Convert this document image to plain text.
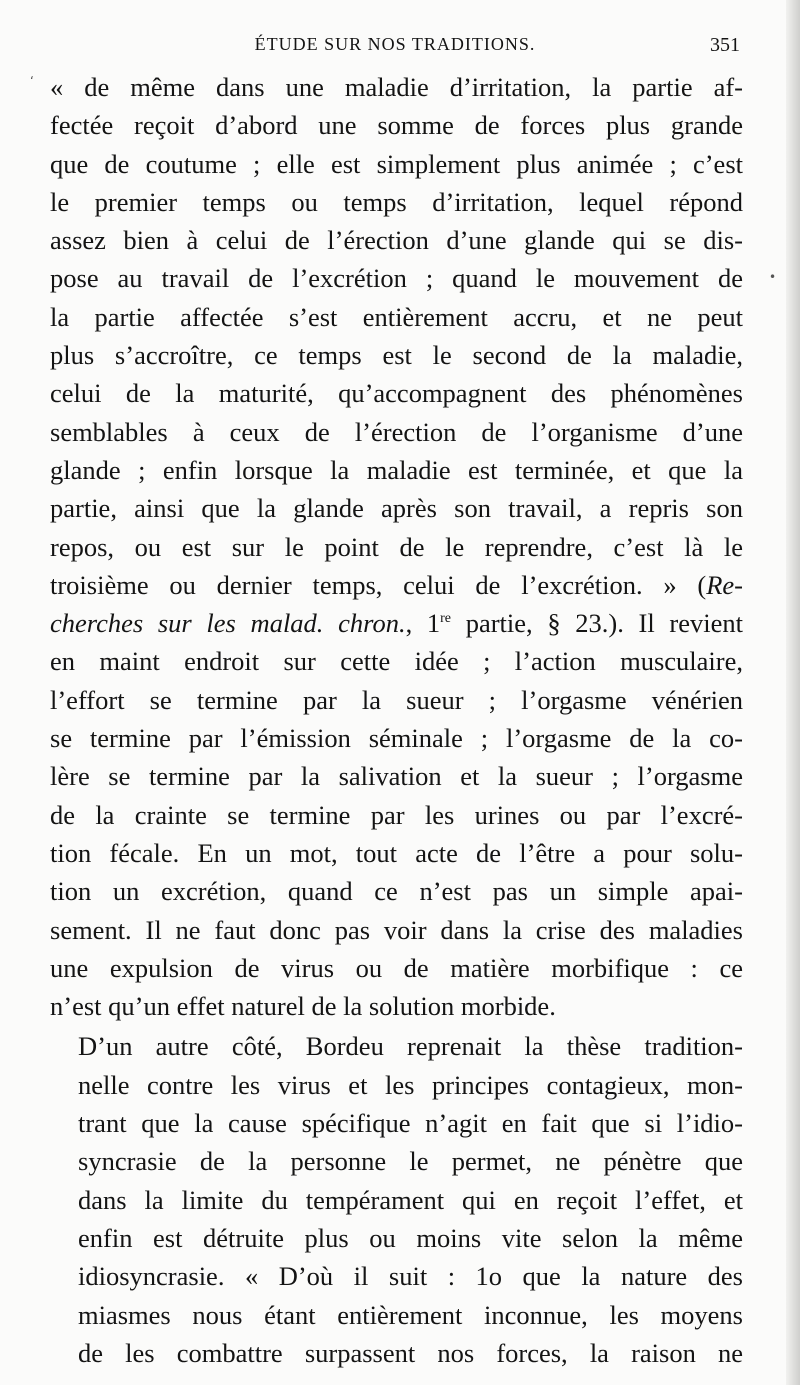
ÉTUDE SUR NOS TRADITIONS.	351

« de même dans une maladie d’irritation, la partie af-
fectée reçoit d’abord une somme de forces plus grande
que de coutume ; elle est simplement plus animée ; c’est
le premier temps ou temps d’irritation, lequel répond
assez bien à celui de l’érection d’une glande qui se dis-
pose au travail de l’excrétion ; quand le mouvement de
la partie affectée s’est entièrement accru, et ne peut
plus s’accroître, ce temps est le second de la maladie,
celui de la maturité, qu’accompagnent des phénomènes
semblables à ceux de l’érection de l’organisme d’une
glande ; enfin lorsque la maladie est terminée, et que la
partie, ainsi que la glande après son travail, a repris son
repos, ou est sur le point de le reprendre, c’est là le
troisième ou dernier temps, celui de l’excrétion. » (Re-
cherches sur les malad. chron., 1re partie, § 23.). Il revient
en maint endroit sur cette idée ; l’action musculaire,
l’effort se termine par la sueur ; l’orgasme vénérien
se termine par l’émission séminale ; l’orgasme de la co-
lère se termine par la salivation et la sueur ; l’orgasme
de la crainte se termine par les urines ou par l’excré-
tion fécale. En un mot, tout acte de l’être a pour solu-
tion un excrétion, quand ce n’est pas un simple apai-
sement. Il ne faut donc pas voir dans la crise des maladies
une expulsion de virus ou de matière morbifique : ce
n’est qu’un effet naturel de la solution morbide.

D’un autre côté, Bordeu reprenait la thèse tradition-
nelle contre les virus et les principes contagieux, mon-
trant que la cause spécifique n’agit en fait que si l’idio-
syncrasie de la personne le permet, ne pénètre que
dans la limite du tempérament qui en reçoit l’effet, et
enfin est détruite plus ou moins vite selon la même
idiosyncrasie. « D’où il suit : 1o que la nature des
miasmes nous étant entièrement inconnue, les moyens
de les combattre surpassent nos forces, la raison ne

‘
•
